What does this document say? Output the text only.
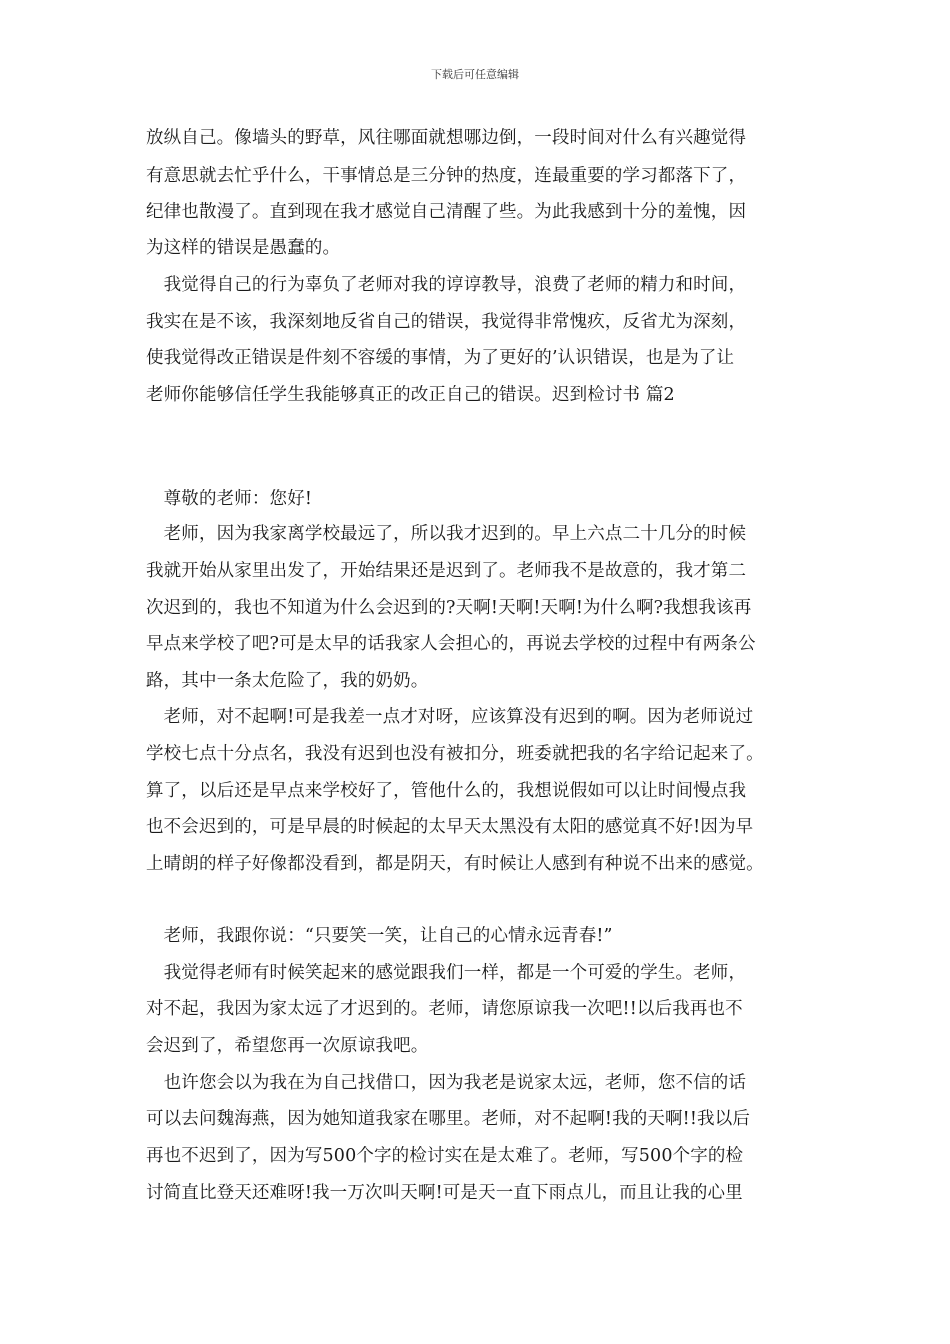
下载后可任意编辑
放纵自己。像墙头的野草，风往哪面就想哪边倒，一段时间对什么有兴趣觉得
有意思就去忙乎什么，干事情总是三分钟的热度，连最重要的学习都落下了，
纪律也散漫了。直到现在我才感觉自己清醒了些。为此我感到十分的羞愧，因
为这样的错误是愚蠢的。
　我觉得自己的行为辜负了老师对我的谆谆教导，浪费了老师的精力和时间，
我实在是不该，我深刻地反省自己的错误，我觉得非常愧疚，反省尤为深刻，
使我觉得改正错误是件刻不容缓的事情，为了更好的’认识错误，也是为了让
老师你能够信任学生我能够真正的改正自己的错误。迟到检讨书 篇2
　尊敬的老师：您好!
　老师，因为我家离学校最远了，所以我才迟到的。早上六点二十几分的时候
我就开始从家里出发了，开始结果还是迟到了。老师我不是故意的，我才第二
次迟到的，我也不知道为什么会迟到的?天啊!天啊!天啊!为什么啊?我想我该再
早点来学校了吧?可是太早的话我家人会担心的，再说去学校的过程中有两条公
路，其中一条太危险了，我的奶奶。
　老师，对不起啊!可是我差一点才对呀，应该算没有迟到的啊。因为老师说过
学校七点十分点名，我没有迟到也没有被扣分，班委就把我的名字给记起来了。
算了，以后还是早点来学校好了，管他什么的，我想说假如可以让时间慢点我
也不会迟到的，可是早晨的时候起的太早天太黑没有太阳的感觉真不好!因为早
上晴朗的样子好像都没看到，都是阴天，有时候让人感到有种说不出来的感觉。
　老师，我跟你说：“只要笑一笑，让自己的心情永远青春!”
　我觉得老师有时候笑起来的感觉跟我们一样，都是一个可爱的学生。老师，
对不起，我因为家太远了才迟到的。老师，请您原谅我一次吧!!以后我再也不
会迟到了，希望您再一次原谅我吧。
　也许您会以为我在为自己找借口，因为我老是说家太远，老师，您不信的话
可以去问魏海燕，因为她知道我家在哪里。老师，对不起啊!我的天啊!!我以后
再也不迟到了，因为写500个字的检讨实在是太难了。老师，写500个字的检
讨简直比登天还难呀!我一万次叫天啊!可是天一直下雨点儿，而且让我的心里
